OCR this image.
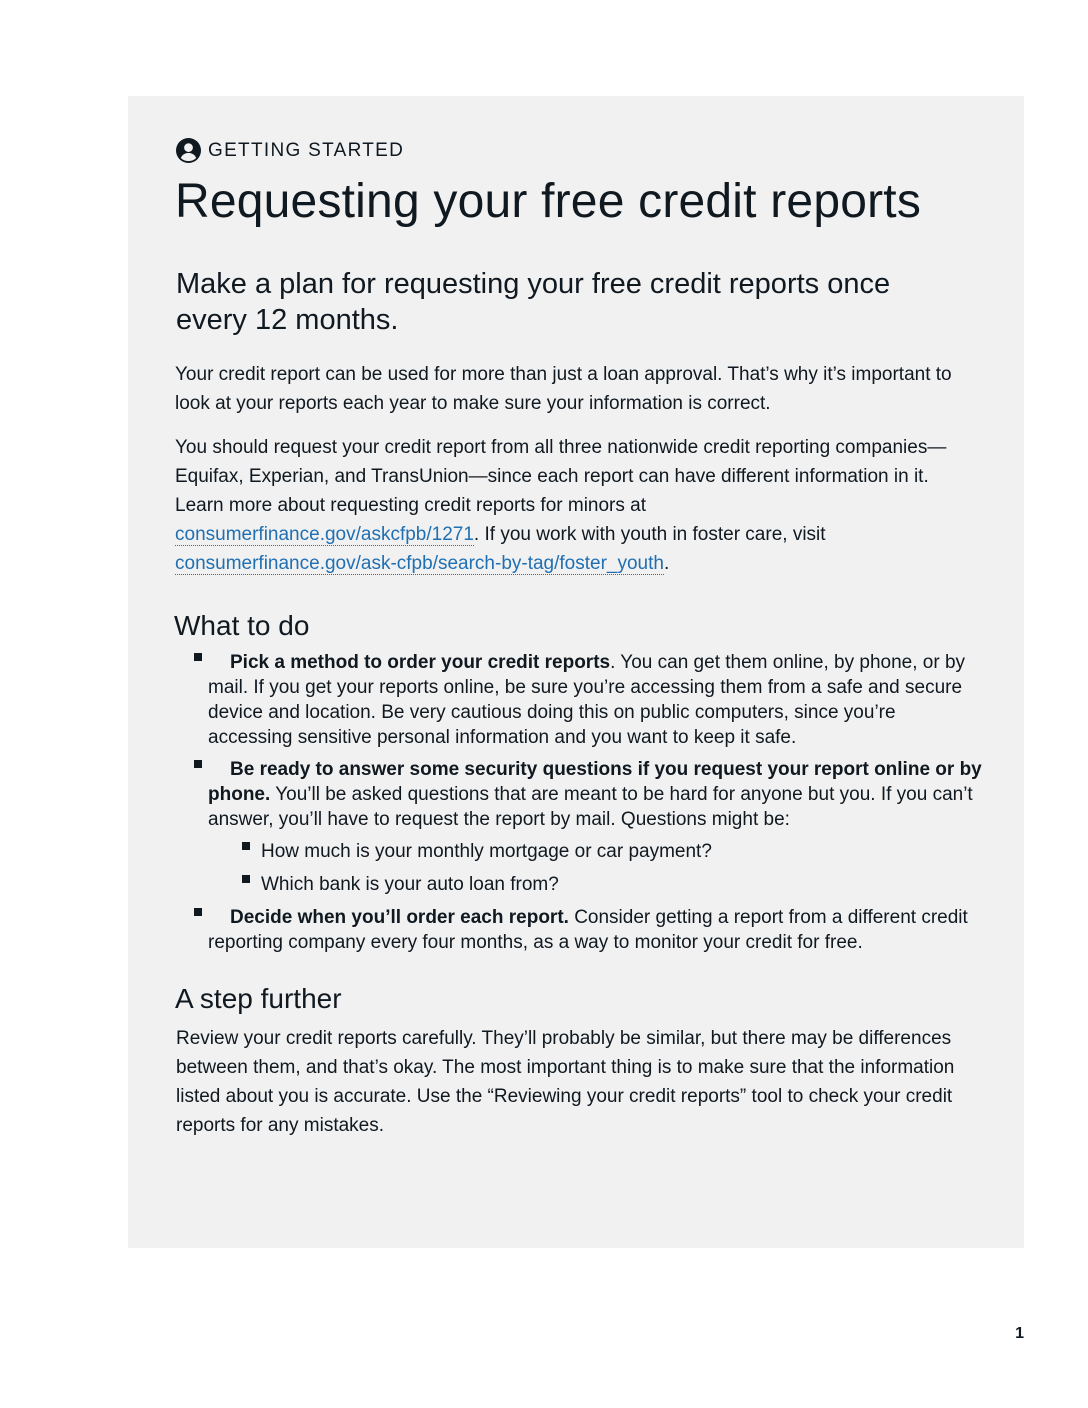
GETTING STARTED
Requesting your free credit reports
Make a plan for requesting your free credit reports once every 12 months.

Your credit report can be used for more than just a loan approval. That’s why it’s important to look at your reports each year to make sure your information is correct.

You should request your credit report from all three nationwide credit reporting companies—Equifax, Experian, and TransUnion—since each report can have different information in it. Learn more about requesting credit reports for minors at consumerfinance.gov/askcfpb/1271. If you work with youth in foster care, visit consumerfinance.gov/ask-cfpb/search-by-tag/foster_youth.

What to do
Pick a method to order your credit reports. You can get them online, by phone, or by mail. If you get your reports online, be sure you’re accessing them from a safe and secure device and location. Be very cautious doing this on public computers, since you’re accessing sensitive personal information and you want to keep it safe.
Be ready to answer some security questions if you request your report online or by phone. You’ll be asked questions that are meant to be hard for anyone but you. If you can’t answer, you’ll have to request the report by mail. Questions might be:
How much is your monthly mortgage or car payment?
Which bank is your auto loan from?
Decide when you’ll order each report. Consider getting a report from a different credit reporting company every four months, as a way to monitor your credit for free.
A step further

Review your credit reports carefully. They’ll probably be similar, but there may be differences between them, and that’s okay. The most important thing is to make sure that the information listed about you is accurate. Use the “Reviewing your credit reports” tool to check your credit reports for any mistakes.

1
